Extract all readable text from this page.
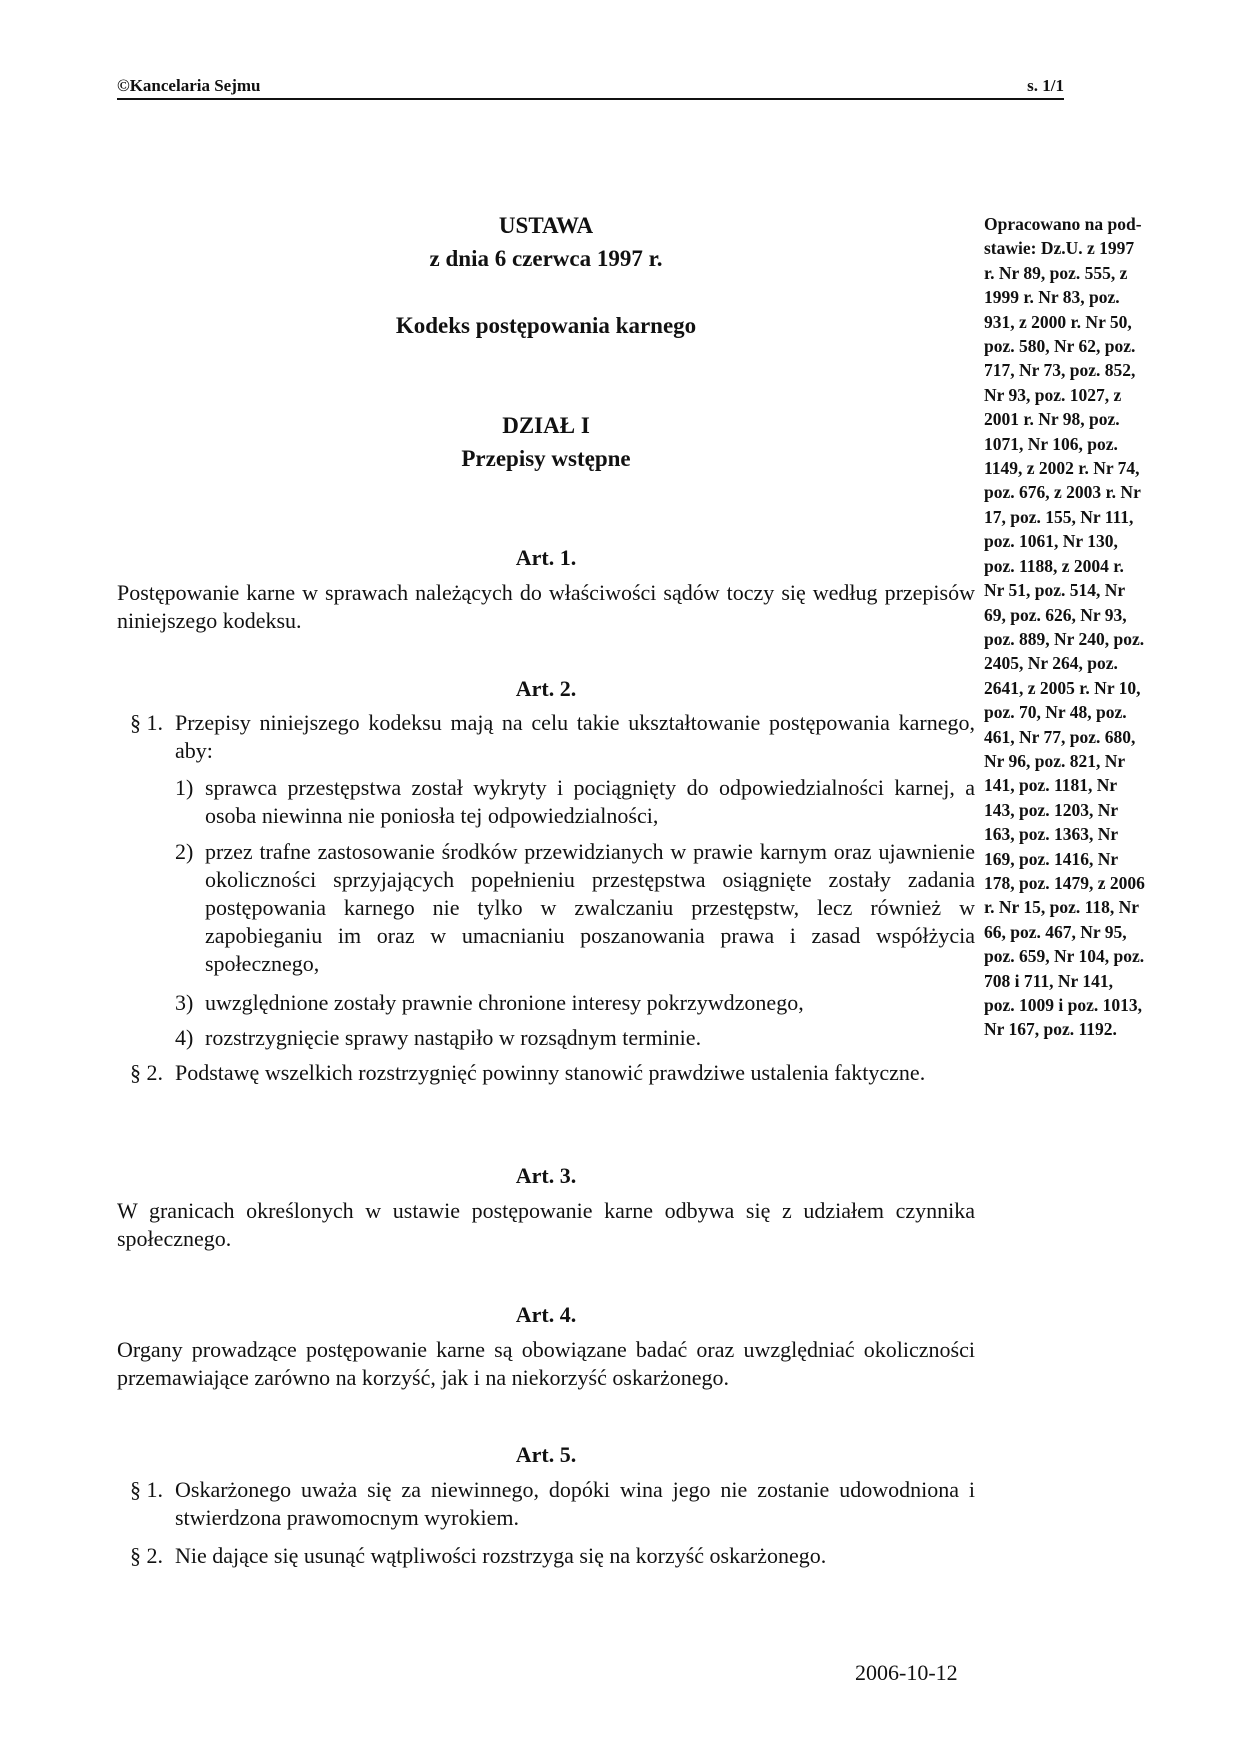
©Kancelaria Sejmu	s. 1/1
USTAWA
z dnia 6 czerwca 1997 r.
Kodeks postępowania karnego
DZIAŁ I
Przepisy wstępne
Opracowano na pod-
stawie: Dz.U. z 1997
r. Nr 89, poz. 555, z
1999 r. Nr 83, poz.
931, z 2000 r. Nr 50,
poz. 580, Nr 62, poz.
717, Nr 73, poz. 852,
Nr 93, poz. 1027, z
2001 r. Nr 98, poz.
1071, Nr 106, poz.
1149, z 2002 r. Nr 74,
poz. 676, z 2003 r. Nr
17, poz. 155, Nr 111,
poz. 1061, Nr 130,
poz. 1188, z 2004 r.
Nr 51, poz. 514, Nr
69, poz. 626, Nr 93,
poz. 889, Nr 240, poz.
2405, Nr 264, poz.
2641, z 2005 r. Nr 10,
poz. 70, Nr 48, poz.
461, Nr 77, poz. 680,
Nr 96, poz. 821, Nr
141, poz. 1181, Nr
143, poz. 1203, Nr
163, poz. 1363, Nr
169, poz. 1416, Nr
178, poz. 1479, z 2006
r. Nr 15, poz. 118, Nr
66, poz. 467, Nr 95,
poz. 659, Nr 104, poz.
708 i 711, Nr 141,
poz. 1009 i poz. 1013,
Nr 167, poz. 1192.
Art. 1.
Postępowanie karne w sprawach należących do właściwości sądów toczy się według przepisów niniejszego kodeksu.
Art. 2.
§ 1. Przepisy niniejszego kodeksu mają na celu takie ukształtowanie postępowania karnego, aby:
1) sprawca przestępstwa został wykryty i pociągnięty do odpowiedzialności karnej, a osoba niewinna nie poniosła tej odpowiedzialności,
2) przez trafne zastosowanie środków przewidzianych w prawie karnym oraz ujawnienie okoliczności sprzyjających popełnieniu przestępstwa osiągnięte zostały zadania postępowania karnego nie tylko w zwalczaniu przestępstw, lecz również w zapobieganiu im oraz w umacnianiu poszanowania prawa i zasad współżycia społecznego,
3) uwzględnione zostały prawnie chronione interesy pokrzywdzonego,
4) rozstrzygnięcie sprawy nastąpiło w rozsądnym terminie.
§ 2. Podstawę wszelkich rozstrzygnięć powinny stanowić prawdziwe ustalenia faktyczne.
Art. 3.
W granicach określonych w ustawie postępowanie karne odbywa się z udziałem czynnika społecznego.
Art. 4.
Organy prowadzące postępowanie karne są obowiązane badać oraz uwzględniać okoliczności przemawiające zarówno na korzyść, jak i na niekorzyść oskarżonego.
Art. 5.
§ 1. Oskarżonego uważa się za niewinnego, dopóki wina jego nie zostanie udowodniona i stwierdzona prawomocnym wyrokiem.
§ 2. Nie dające się usunąć wątpliwości rozstrzyga się na korzyść oskarżonego.
2006-10-12
